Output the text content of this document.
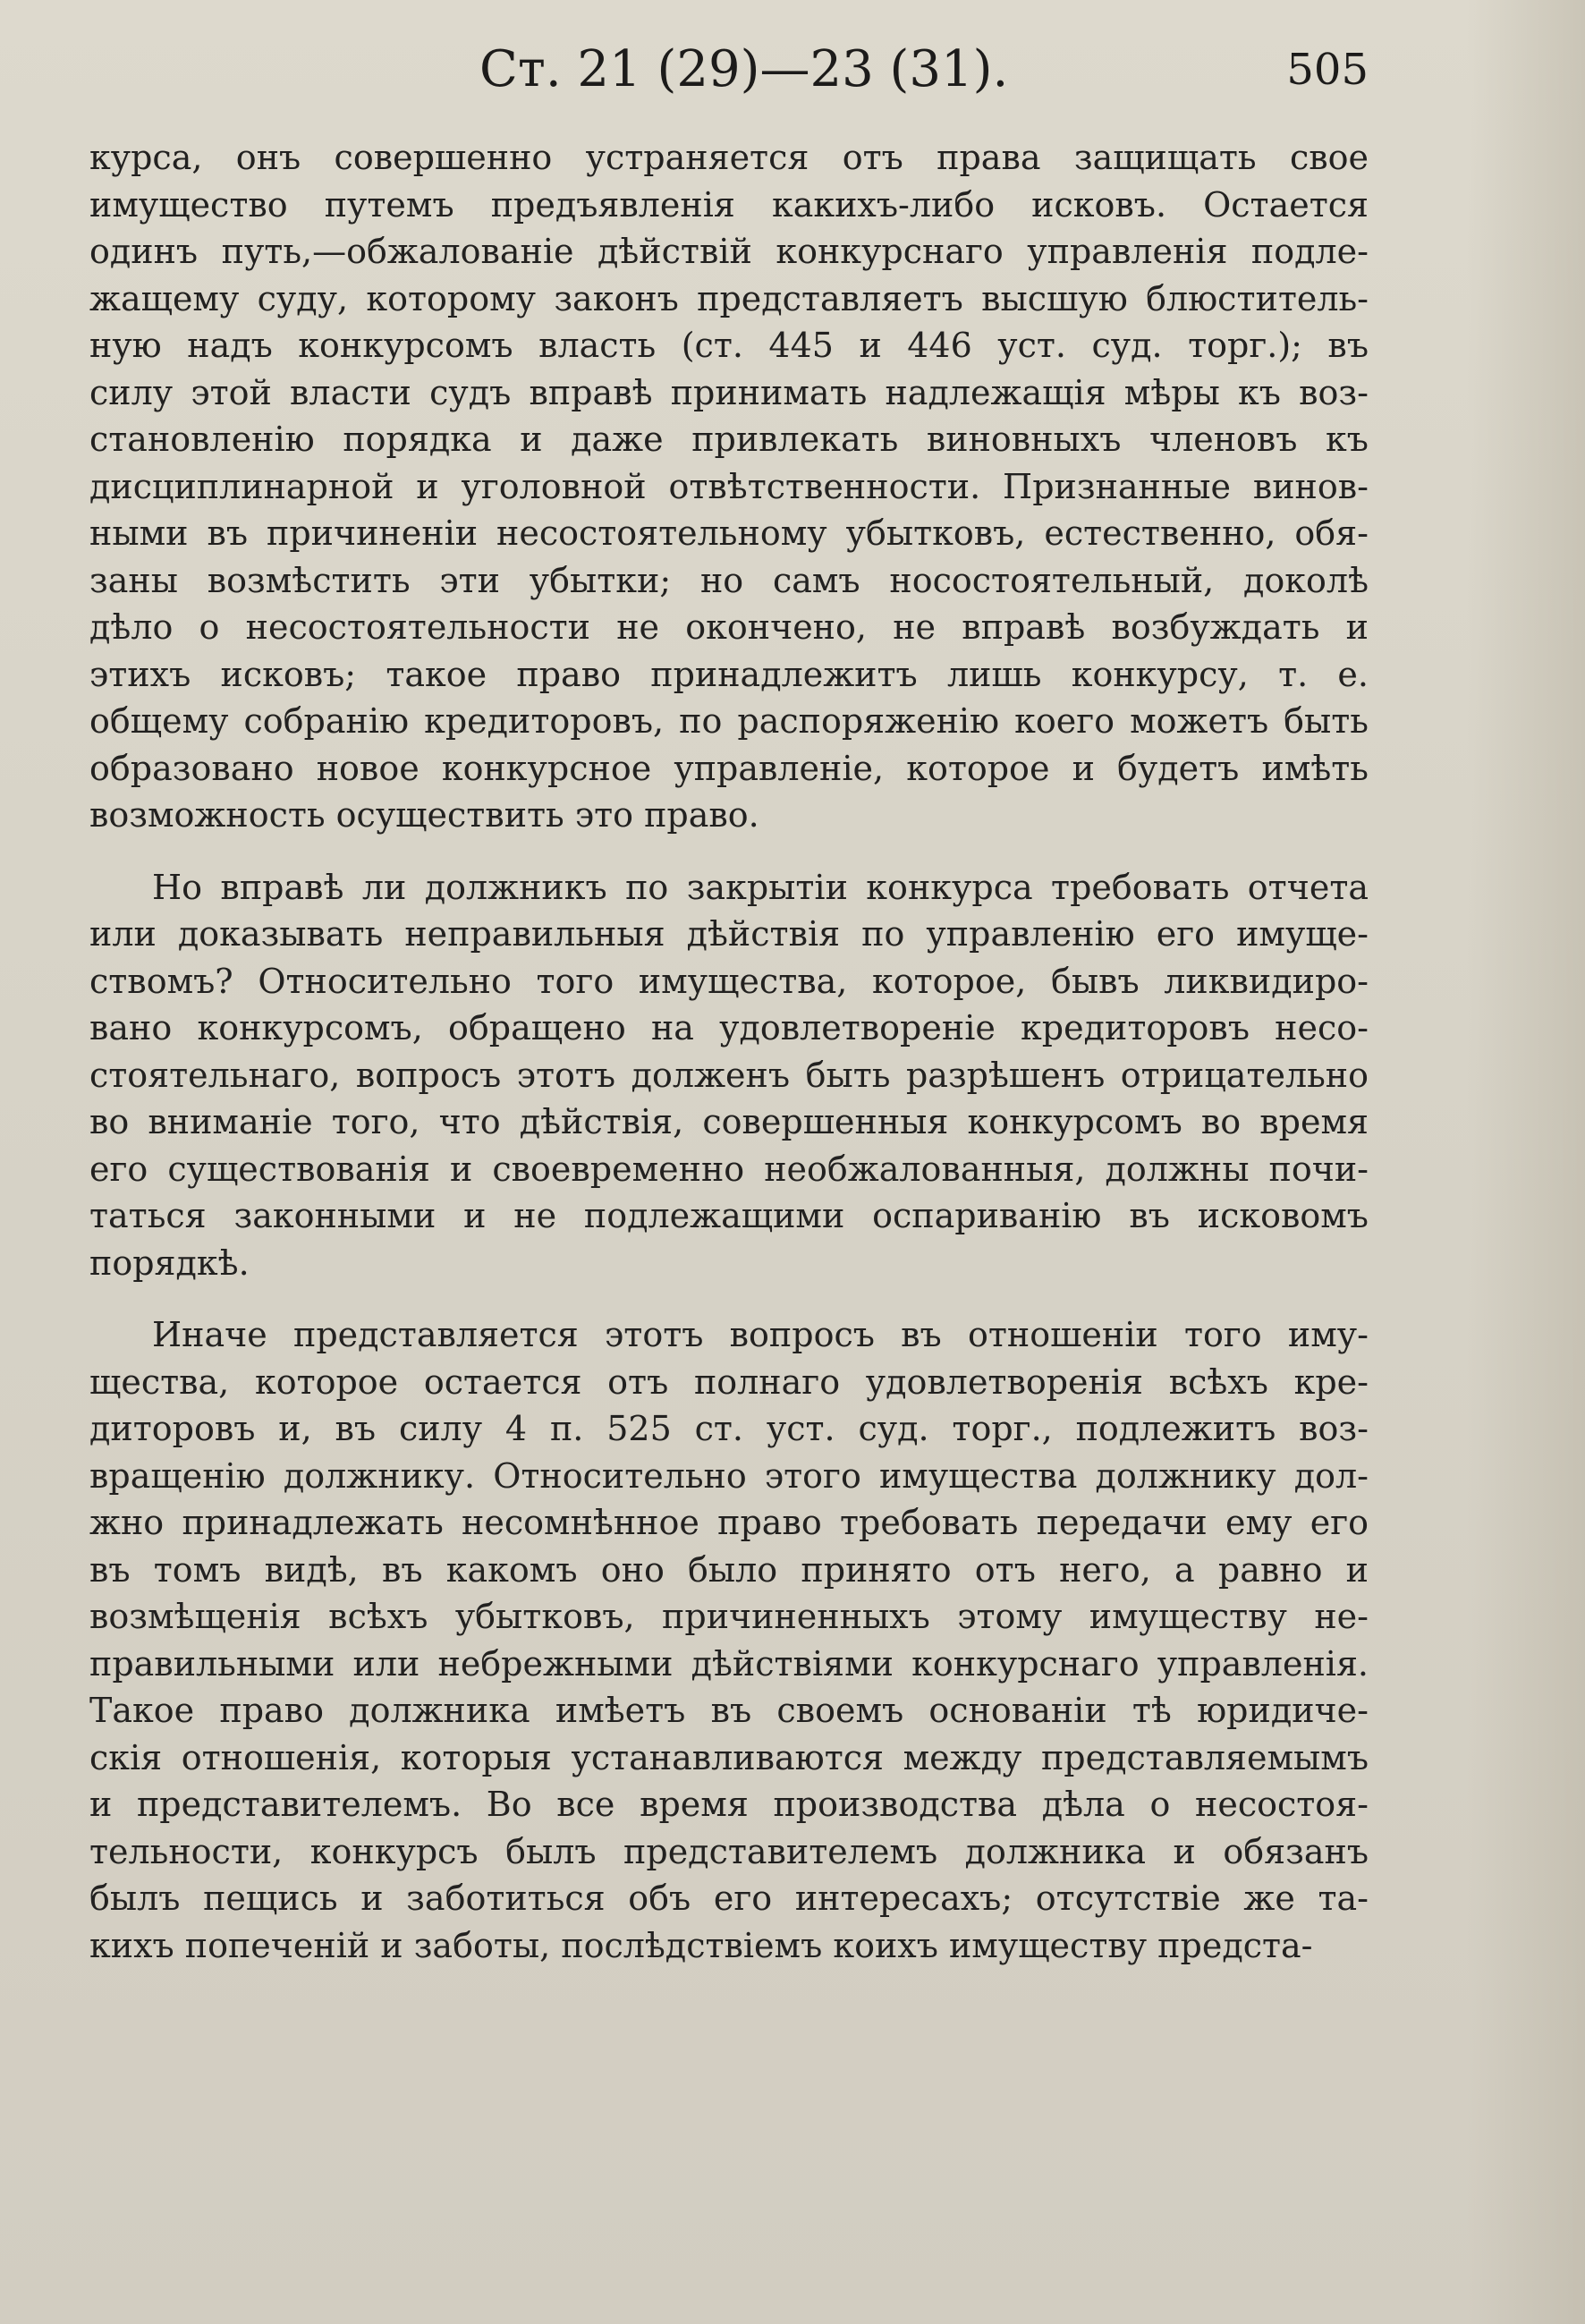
Ст. 21 (29)—23 (31).	505
курса, онъ совершенно устраняется отъ права защищать свое
имущество путемъ предъявленія какихъ-либо исковъ. Остается
одинъ путь,—обжалованіе дѣйствій конкурснаго управленія подле-
жащему суду, которому законъ представляетъ высшую блюститель-
ную надъ конкурсомъ власть (ст. 445 и 446 уст. суд. торг.); въ
силу этой власти судъ вправѣ принимать надлежащія мѣры къ воз-
становленію порядка и даже привлекать виновныхъ членовъ къ
дисциплинарной и уголовной отвѣтственности. Признанные винов-
ными въ причиненіи несостоятельному убытковъ, естественно, обя-
заны возмѣстить эти убытки; но самъ носостоятельный, доколѣ
дѣло о несостоятельности не окончено, не вправѣ возбуждать и
этихъ исковъ; такое право принадлежитъ лишь конкурсу, т. е.
общему собранію кредиторовъ, по распоряженію коего можетъ быть
образовано новое конкурсное управленіе, которое и будетъ имѣть
возможность осуществить это право.
Но вправѣ ли должникъ по закрытіи конкурса требовать отчета
или доказывать неправильныя дѣйствія по управленію его имуще-
ствомъ? Относительно того имущества, которое, бывъ ликвидиро-
вано конкурсомъ, обращено на удовлетвореніе кредиторовъ несо-
стоятельнаго, вопросъ этотъ долженъ быть разрѣшенъ отрицательно
во вниманіе того, что дѣйствія, совершенныя конкурсомъ во время
его существованія и своевременно необжалованныя, должны почи-
таться законными и не подлежащими оспариванію въ исковомъ
порядкѣ.
Иначе представляется этотъ вопросъ въ отношеніи того иму-
щества, которое остается отъ полнаго удовлетворенія всѣхъ кре-
диторовъ и, въ силу 4 п. 525 ст. уст. суд. торг., подлежитъ воз-
вращенію должнику. Относительно этого имущества должнику дол-
жно принадлежать несомнѣнное право требовать передачи ему его
въ томъ видѣ, въ какомъ оно было принято отъ него, а равно и
возмѣщенія всѣхъ убытковъ, причиненныхъ этому имуществу не-
правильными или небрежными дѣйствіями конкурснаго управленія.
Такое право должника имѣетъ въ своемъ основаніи тѣ юридиче-
скія отношенія, которыя устанавливаются между представляемымъ
и представителемъ. Во все время производства дѣла о несостоя-
тельности, конкурсъ былъ представителемъ должника и обязанъ
былъ пещись и заботиться объ его интересахъ; отсутствіе же та-
кихъ попеченій и заботы, послѣдствіемъ коихъ имуществу предста-
